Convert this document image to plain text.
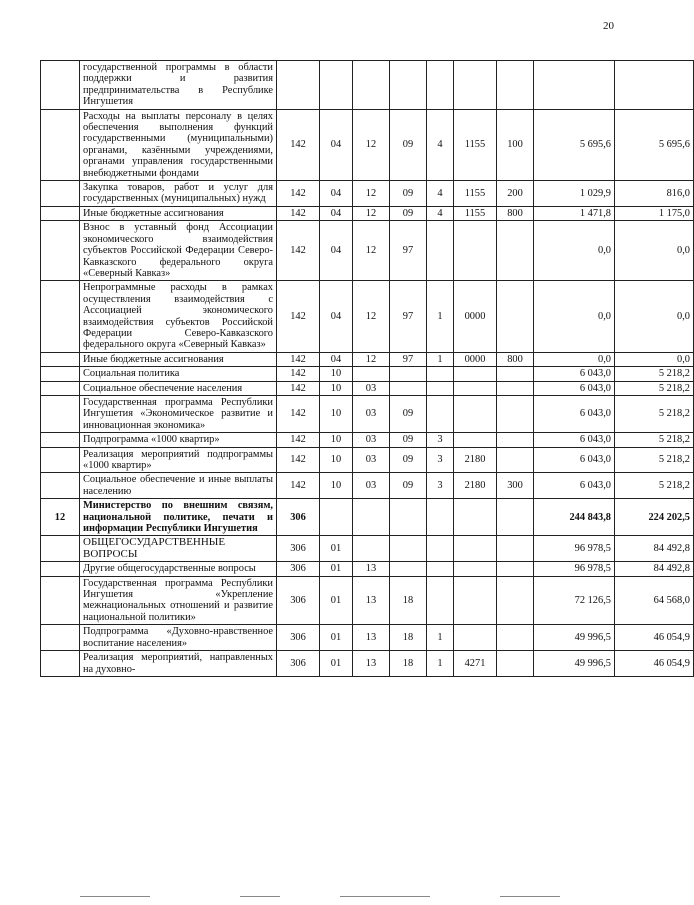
20
	государственной программы в области поддержки и развития предпринимательства в Республике Ингушетия									
	Расходы на выплаты персоналу в целях обеспечения выполнения функций государственными (муниципальными) органами, казёнными учреждениями, органами управления государственными внебюджетными фондами	142	04	12	09	4	1155	100	5 695,6	5 695,6
	Закупка товаров, работ и услуг для государственных (муниципальных) нужд	142	04	12	09	4	1155	200	1 029,9	816,0
	Иные бюджетные ассигнования	142	04	12	09	4	1155	800	1 471,8	1 175,0
	Взнос в уставный фонд Ассоциации экономического взаимодействия субъектов Российской Федерации Северо-Кавказского федерального округа «Северный Кавказ»	142	04	12	97				0,0	0,0
	Непрограммные расходы в рамках осуществления взаимодействия с Ассоциацией экономического взаимодействия субъектов Российской Федерации Северо-Кавказского федерального округа «Северный Кавказ»	142	04	12	97	1	0000		0,0	0,0
	Иные бюджетные ассигнования	142	04	12	97	1	0000	800	0,0	0,0
	Социальная политика	142	10						6 043,0	5 218,2
	Социальное обеспечение населения	142	10	03					6 043,0	5 218,2
	Государственная программа Республики Ингушетия «Экономическое развитие и инновационная экономика»	142	10	03	09				6 043,0	5 218,2
	Подпрограмма «1000 квартир»	142	10	03	09	3			6 043,0	5 218,2
	Реализация мероприятий подпрограммы «1000 квартир»	142	10	03	09	3	2180		6 043,0	5 218,2
	Социальное обеспечение и иные выплаты населению	142	10	03	09	3	2180	300	6 043,0	5 218,2
12	Министерство по внешним связям, национальной политике, печати и информации Республики Ингушетия	306							244 843,8	224 202,5
	ОБЩЕГОСУДАРСТВЕННЫЕ ВОПРОСЫ	306	01						96 978,5	84 492,8
	Другие общегосударственные вопросы	306	01	13					96 978,5	84 492,8
	Государственная программа Республики Ингушетия «Укрепление межнациональных отношений и развитие национальной политики»	306	01	13	18				72 126,5	64 568,0
	Подпрограмма «Духовно-нравственное воспитание населения»	306	01	13	18	1			49 996,5	46 054,9
	Реализация мероприятий, направленных на духовно-	306	01	13	18	1	4271		49 996,5	46 054,9
